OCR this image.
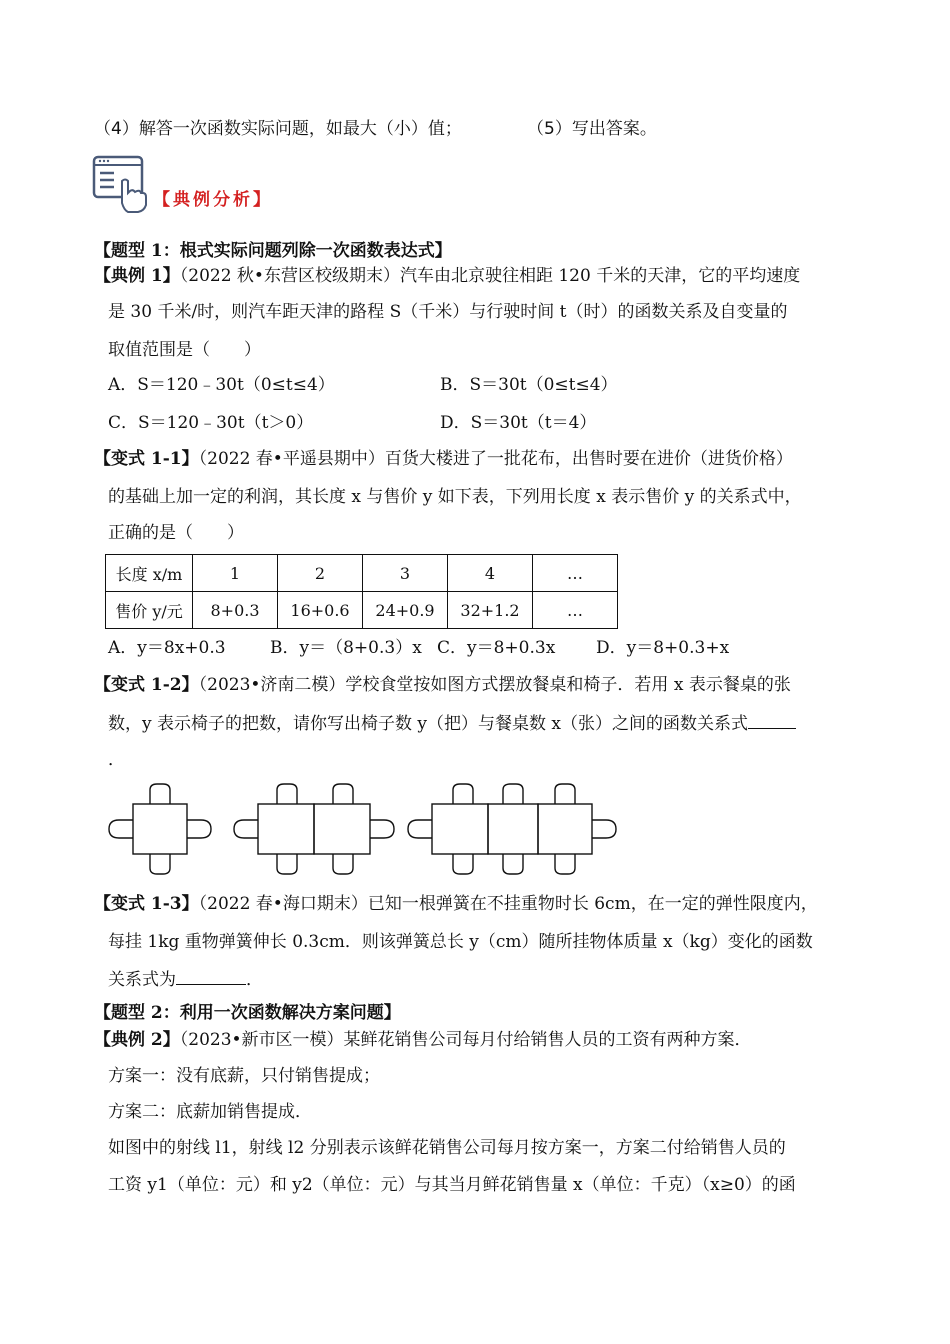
（4）解答一次函数实际问题，如最大（小）值；	（5）写出答案。
【典例分析】
【题型 1：根式实际问题列除一次函数表达式】
【典例 1】（2022 秋•东营区校级期末）汽车由北京驶往相距 120 千米的天津，它的平均速度
是 30 千米/时，则汽车距天津的路程 S（千米）与行驶时间 t（时）的函数关系及自变量的
取值范围是（　　）
A．S＝120﹣30t（0≤t≤4）	B．S＝30t（0≤t≤4）
C．S＝120﹣30t（t＞0）	D．S＝30t（t＝4）
【变式 1-1】（2022 春•平遥县期中）百货大楼进了一批花布，出售时要在进价（进货价格）
的基础上加一定的利润，其长度 x 与售价 y 如下表，下列用长度 x 表示售价 y 的关系式中，
正确的是（　　）
长度 x/m	1	2	3	4	…
售价 y/元	8+0.3	16+0.6	24+0.9	32+1.2	…
A．y＝8x+0.3	B．y＝（8+0.3）x C．y＝8+0.3x D．y＝8+0.3+x
【变式 1-2】（2023•济南二模）学校食堂按如图方式摆放餐桌和椅子．若用 x 表示餐桌的张
数，y 表示椅子的把数，请你写出椅子数 y（把）与餐桌数 x（张）之间的函数关系式
．
【变式 1-3】（2022 春•海口期末）已知一根弹簧在不挂重物时长 6cm，在一定的弹性限度内，
每挂 1kg 重物弹簧伸长 0.3cm．则该弹簧总长 y（cm）随所挂物体质量 x（kg）变化的函数
关系式为	．
【题型 2：利用一次函数解决方案问题】
【典例 2】（2023•新市区一模）某鲜花销售公司每月付给销售人员的工资有两种方案．
方案一：没有底薪，只付销售提成；
方案二：底薪加销售提成．
如图中的射线 l1，射线 l2 分别表示该鲜花销售公司每月按方案一，方案二付给销售人员的
工资 y1（单位：元）和 y2（单位：元）与其当月鲜花销售量 x（单位：千克）（x≥0）的函
